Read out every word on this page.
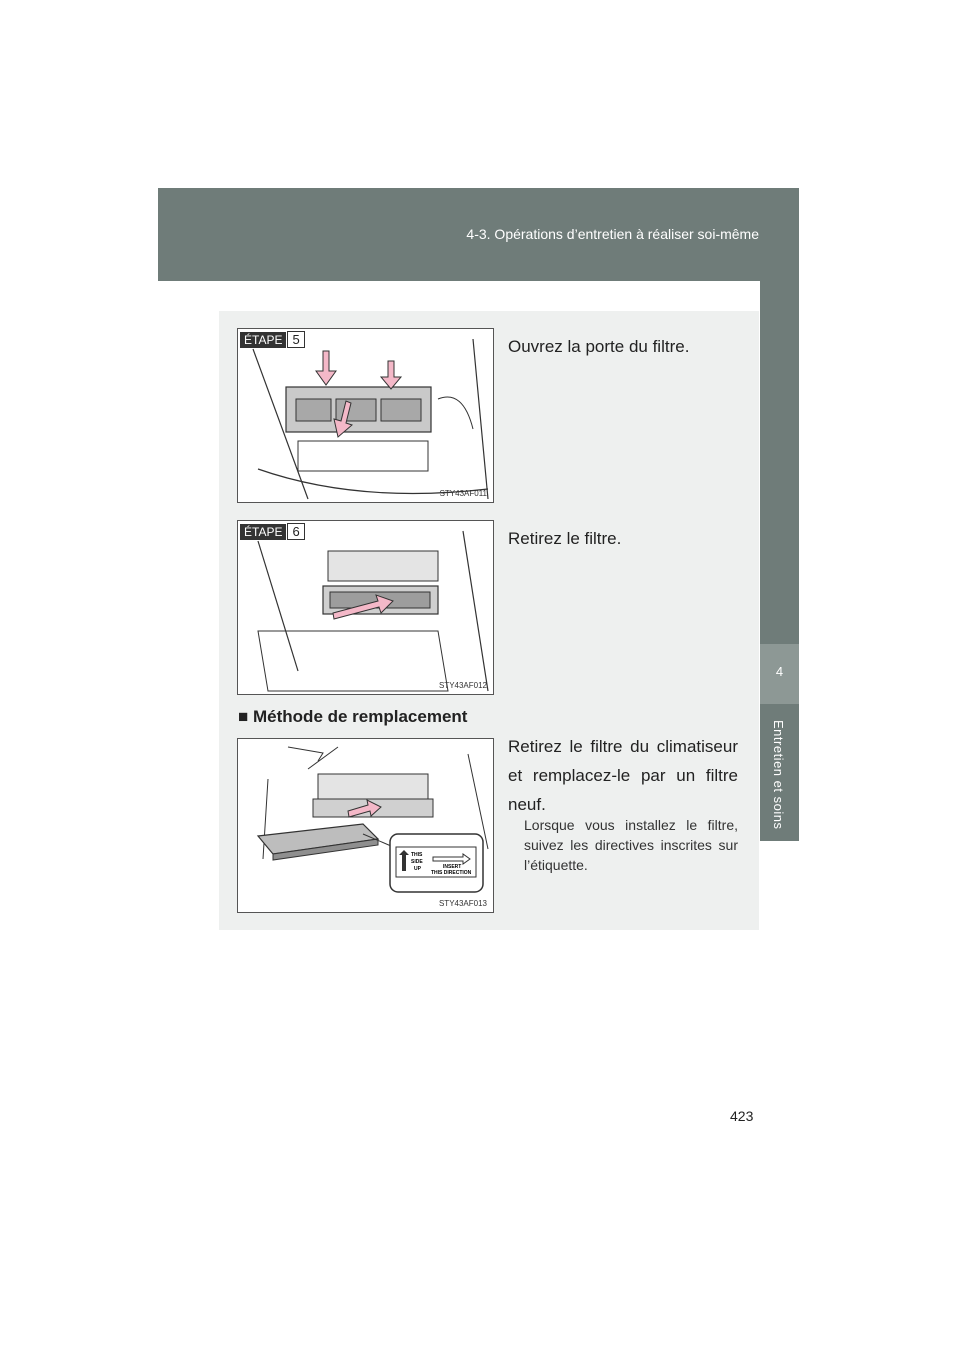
4-3. Opérations d’entretien à réaliser soi-même
4
Entretien et soins
ÉTAPE 5
STY43AF011
Ouvrez la porte du filtre.
ÉTAPE 6
STY43AF012
Retirez le filtre.
■ Méthode de remplacement
THIS
SIDE
UP	INSERT
THIS DIRECTION
STY43AF013
Retirez le filtre du climatiseur et remplacez-le par un filtre neuf.
Lorsque vous installez le filtre, suivez les directives inscrites sur l’étiquette.
423
